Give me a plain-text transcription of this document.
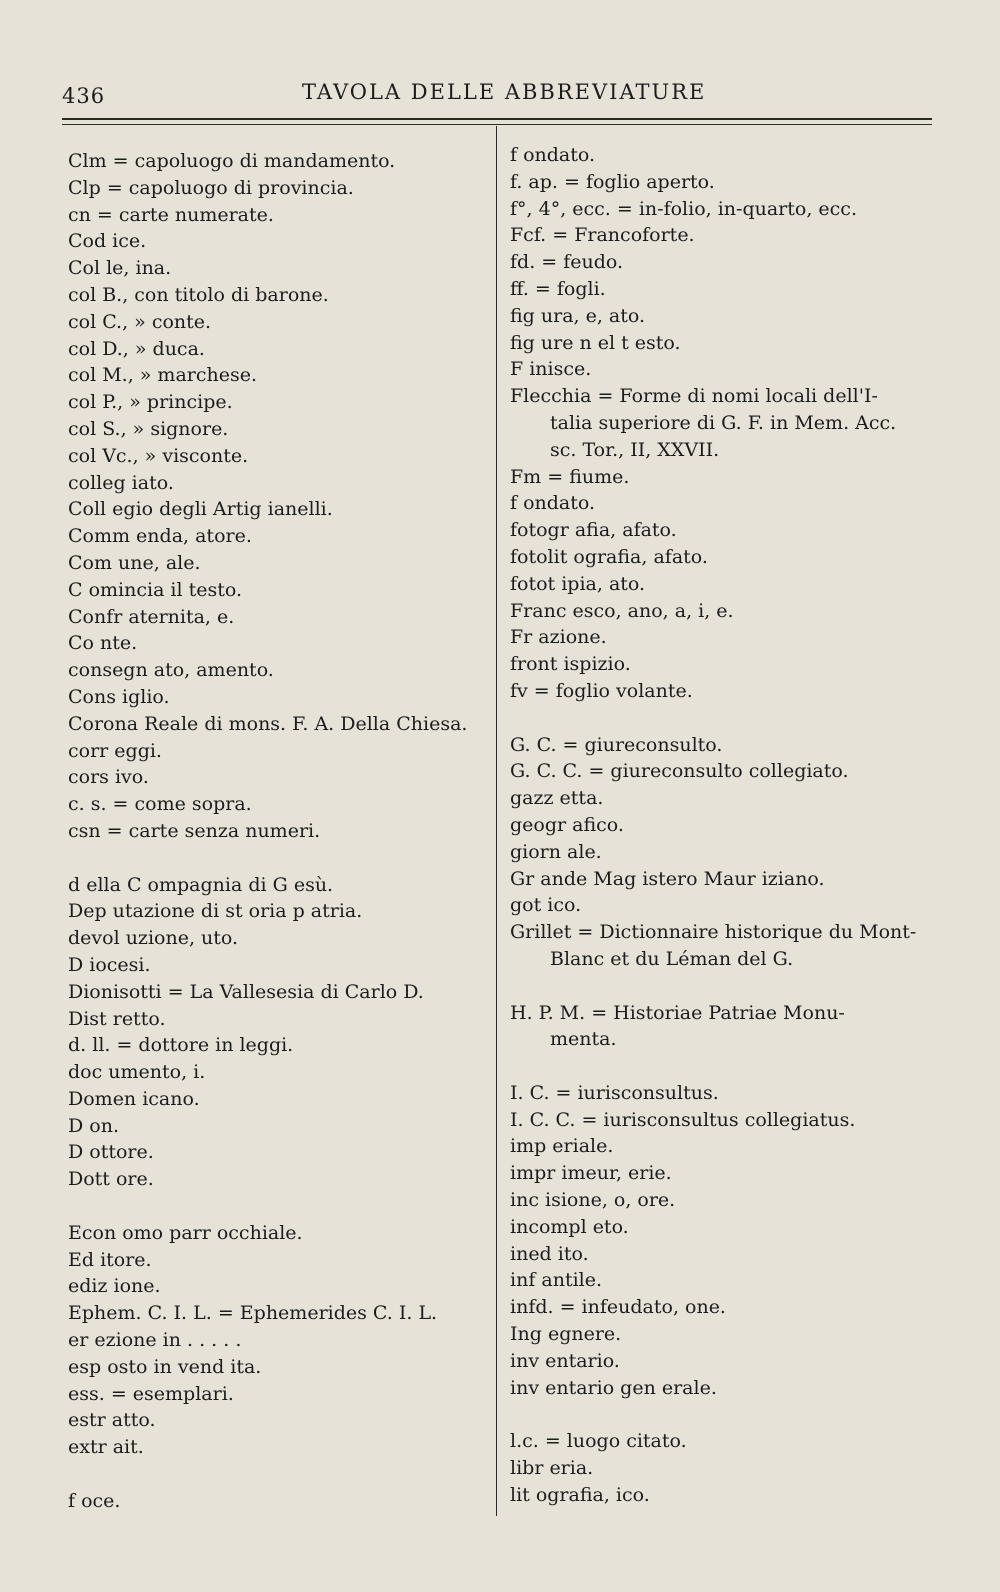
436	TAVOLA DELLE ABBREVIATURE
Clm = capoluogo di mandamento.
Clp = capoluogo di provincia.
cn = carte numerate.
Cod ice.
Col le, ina.
col B., con titolo di barone.
col C., » conte.
col D., » duca.
col M., » marchese.
col P., » principe.
col S., » signore.
col Vc., » visconte.
colleg iato.
Coll egio degli Artig ianelli.
Comm enda, atore.
Com une, ale.
C omincia il testo.
Confr aternita, e.
Co nte.
consegn ato, amento.
Cons iglio.
Corona Reale di mons. F. A. Della Chiesa.
corr eggi.
cors ivo.
c. s. = come sopra.
csn = carte senza numeri.
d ella C ompagnia di G esù.
Dep utazione di st oria p atria.
devol uzione, uto.
D iocesi.
Dionisotti = La Vallesesia di Carlo D.
Dist retto.
d. ll. = dottore in leggi.
doc umento, i.
Domen icano.
D on.
D ottore.
Dott ore.
Econ omo parr occhiale.
Ed itore.
ediz ione.
Ephem. C. I. L. = Ephemerides C. I. L.
er ezione in . . . . .
esp osto in vend ita.
ess. = esemplari.
estr atto.
extr ait.
f oce.
f ondato.
f. ap. = foglio aperto.
f°, 4°, ecc. = in-folio, in-quarto, ecc.
Fcf. = Francoforte.
fd. = feudo.
ff. = fogli.
fig ura, e, ato.
fig ure n el t esto.
F inisce.
Flecchia = Forme di nomi locali dell'I-
talia superiore di G. F. in Mem. Acc.
sc. Tor., II, XXVII.
Fm = fiume.
f ondato.
fotogr afia, afato.
fotolit ografia, afato.
fotot ipia, ato.
Franc esco, ano, a, i, e.
Fr azione.
front ispizio.
fv = foglio volante.
G. C. = giureconsulto.
G. C. C. = giureconsulto collegiato.
gazz etta.
geogr afico.
giorn ale.
Gr ande Mag istero Maur iziano.
got ico.
Grillet = Dictionnaire historique du Mont-
Blanc et du Léman del G.
H. P. M. = Historiae Patriae Monu-
menta.
I. C. = iurisconsultus.
I. C. C. = iurisconsultus collegiatus.
imp eriale.
impr imeur, erie.
inc isione, o, ore.
incompl eto.
ined ito.
inf antile.
infd. = infeudato, one.
Ing egnere.
inv entario.
inv entario gen erale.
l.c. = luogo citato.
libr eria.
lit ografia, ico.
